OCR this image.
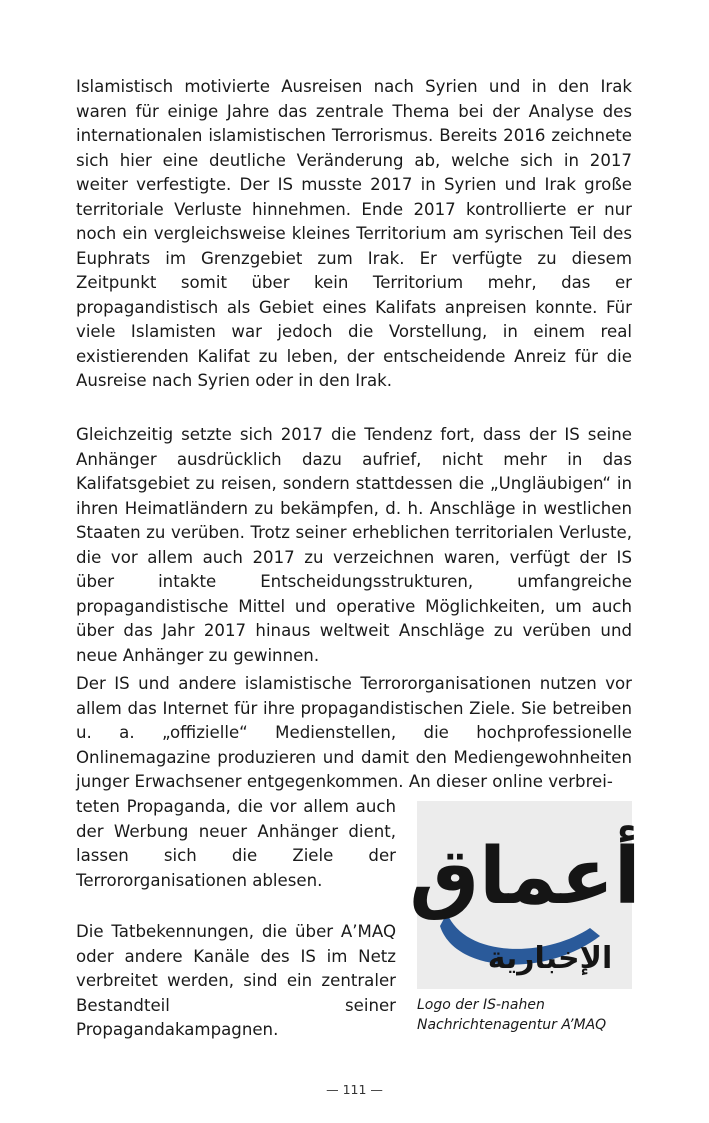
Islamistisch motivierte Ausreisen nach Syrien und in den Irak waren für einige Jahre das zentrale Thema bei der Analyse des internationalen islamistischen Terrorismus. Bereits 2016 zeichnete sich hier eine deutliche Veränderung ab, welche sich in 2017 weiter verfestigte. Der IS musste 2017 in Syrien und Irak große territoriale Verluste hinnehmen. Ende 2017 kontrollierte er nur noch ein vergleichsweise kleines Territorium am syrischen Teil des Euphrats im Grenzgebiet zum Irak. Er verfügte zu diesem Zeitpunkt somit über kein Territorium mehr, das er propagandistisch als Gebiet eines Kalifats anpreisen konnte. Für viele Islamisten war jedoch die Vorstellung, in einem real existierenden Kalifat zu leben, der entscheidende Anreiz für die Ausreise nach Syrien oder in den Irak.

Gleichzeitig setzte sich 2017 die Tendenz fort, dass der IS seine Anhänger ausdrücklich dazu aufrief, nicht mehr in das Kalifatsgebiet zu reisen, sondern stattdessen die „Ungläubigen“ in ihren Heimatländern zu bekämpfen, d. h. Anschläge in westlichen Staaten zu verüben. Trotz seiner erheblichen territorialen Verluste, die vor allem auch 2017 zu verzeichnen waren, verfügt der IS über intakte Entscheidungsstrukturen, umfangreiche propagandistische Mittel und operative Möglichkeiten, um auch über das Jahr 2017 hinaus weltweit Anschläge zu verüben und neue Anhänger zu gewinnen.

Der IS und andere islamistische Terrororganisationen nutzen vor allem das Internet für ihre propagandistischen Ziele. Sie betreiben u. a. „offizielle“ Medienstellen, die hochprofessionelle Onlinemagazine produzieren und damit den Mediengewohnheiten junger Erwachsener entgegenkommen. An dieser online verbrei-

Die Tatbekennungen, die über A’MAQ oder andere Kanäle des IS im Netz verbreitet werden, sind ein zentraler Bestandteil seiner Propagandakampagnen.

أعماق
الإخبارية
Logo der IS-nahen
Nachrichtenagentur A’MAQ
— 111 —

teten Propaganda, die vor allem auch der Werbung neuer Anhänger dient, lassen sich die Ziele der Terrororganisationen ablesen.
